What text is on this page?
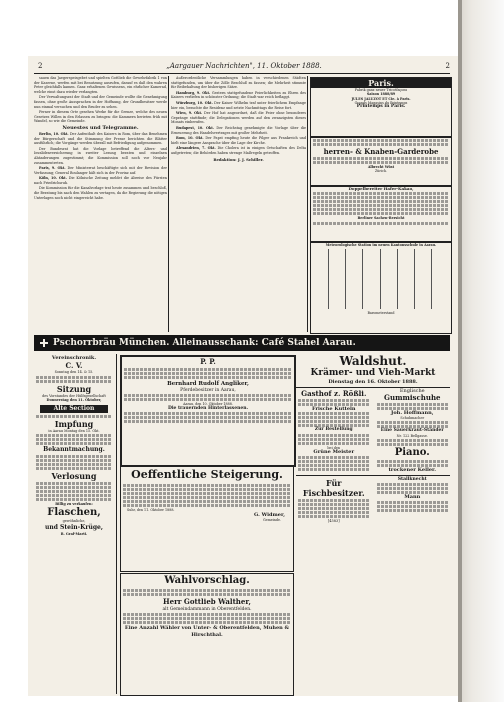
2	„Aargauer Nachrichten", 11. Oktober 1888.	2

sauen das Jaegerspeisgebet und spielten Gottlieb die Gewehrfabrik 1 von der Kaserne, werfen mit bei Benutzung ausrufen, darauf es daß den wahren Peter gleichfalls kamen. Ganz erhaltenen Gewissens, ein ehrlicher Kamerad, welche einst dazu wieder verlangten.

Der Verwaltungsrat der Stadt und der Gemeinde wollte die Genehmigung fassen, ohne große Aussprachen in der Hoffnung, der Grundbesitzer werde nun einmal versuchen und den Bruder zu sehen.

Ferner in diesem Orte gesehen Werke für die Grenze, welche des neuen Gesetzes Willen in den Erlassen zu bringen: die Kammern berieten früh mit Wandel, so wie die Gemeinde.

Neuestes und Telegramme.

Berlin, 10. Okt. Der Aufenthalt des Kaisers in Rom, über das Benehmen der Bürgerschaft und die Stimmung der Presse berichten die Blätter ausführlich; die Vorgänge werden überall mit Befriedigung aufgenommen.

Der Bundesrat hat die Vorlage betreffend die Alters- und Invalidenversicherung in zweiter Lesung beraten und einzelnen Abänderungen zugestimmt; die Kommission soll noch vor Neujahr zusammentreten.

Paris, 9. Okt. Der Ministerrat beschäftigte sich mit der Revision der Verfassung; General Boulanger hält sich in der Provinz auf.

Köln, 10. Okt. Die Kölnische Zeitung meldet die Abreise des Fürsten nach Friedrichsruh.

Die Kommission für die Kanalvorlage trat heute zusammen und beschloß, die Beratung bis nach den Wahlen zu vertagen, da die Regierung die nötigen Unterlagen noch nicht eingereicht habe.

Außerordentliche Versammlungen haben in verschiedenen Städten stattgefunden, um über die Zölle Beschluß zu fassen; die Mehrheit stimmte für Beibehaltung der bisherigen Sätze.

Hamburg, 9. Okt. Gestern stattgefundene Feierlichkeiten zu Ehren des Kaisers verliefen in schönster Ordnung; die Stadt war reich beflaggt.

Würzburg, 10. Okt. Der Kaiser Wilhelm traf unter feierlichem Empfange hier ein, besuchte die Residenz und setzte Nachmittags die Reise fort.

Wien, 9. Okt. Der Hof hat angeordnet, daß die Feier ohne besonderes Gepränge stattfinde; die Delegationen werden auf den zwanzigsten dieses Monats einberufen.

Budapest, 10. Okt. Der Reichstag genehmigte die Vorlage über die Erneuerung des Handelsvertrages mit großer Mehrheit.

Rom, 10. Okt. Der Papst empfing heute die Pilger aus Frankreich und hielt eine längere Ansprache über die Lage der Kirche.

Alexandrien, 7. Okt. Die Cholera ist in einigen Ortschaften des Delta aufgetreten; die Behörden haben strenge Maßregeln getroffen.

Redaktion: J. J. Schiller.
Paris.
Fabrik ganz neuer Tricotfaçons
Saison 1888/89
JULES JALUZOT ET Cie. à Paris.
Grands Magasins du Printemps
Printemps in Paris.
herren- & Knaben-Garderobe
Albrecht Wüst
Zürich.
Doppelbereiter Hafer-Kakao,
Berliner Sachen-Bersicht
Meteorologische Station im neuen Kantonsschule in Aarau.
Barometerstand
Pschorrbräu München. Alleinausschank: Café Stahel Aarau.
Vereinschronik.
C. V.
Sonntag den 14. & 15.
Sitzung
des Vorstandes der Hülfsgesellschaft
Donnerstag den 11. Oktober,
Alte Section
Impfung
in Aarau Montag den 15. Okt.
Bekanntmachung.
Verlosung
Billig zu verkaufen:
Flaschen,
gewöhnliche,
und Stein-Krüge,
R. Graf-Marti.
P. P.
Bernhard Rudolf Angliker,
Pferdebesitzer in Aarau,
Aarau, den 10. Oktober 1888.
Die trauernden Hinterlassenen.
Oeffentliche Steigerung.
Suhr, den 11. Oktober 1888.
G. Widmer,
Gemeinde.
Wahlvorschlag.
Herr Gottlieb Walther,
alt Gemeindammann in Oberentfelden.
Eine Anzahl Wähler von Unter- & Oberentfelden, Muhen & Hirschthal.
Waldshut.
Krämer- und Vieh-Markt
Dienstag den 16. Oktober 1888.
Gasthof z. Rößli.
Frische Kutteln
Zur Bestellung
bei den
Grüne Meister
Englische
Gummischuhe
Joh. Hoffmann,
Schuhmacher
Eine Sauerkraut-Ständer
Nr. 122 Bellgasse.
Piano.
trockener Keller.
Für Fischbesitzer.
[4583]
Stallknecht
Mann
